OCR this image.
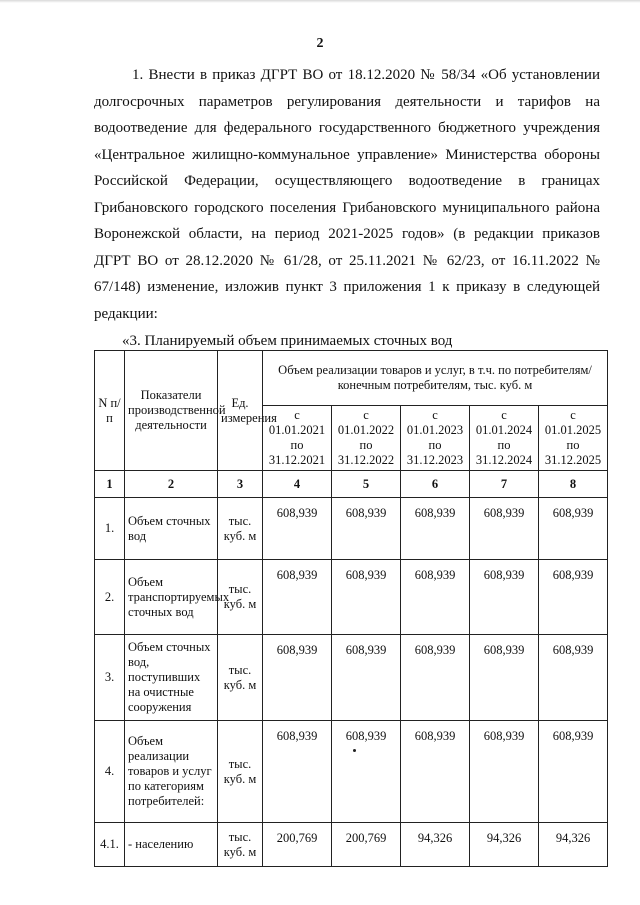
2
1. Внести в приказ ДГРТ ВО от 18.12.2020 № 58/34 «Об установлении
долгосрочных параметров регулирования деятельности и тарифов на
водоотведение для федерального государственного бюджетного учреждения
«Центральное жилищно-коммунальное управление» Министерства обороны
Российской Федерации, осуществляющего водоотведение в границах
Грибановского городского поселения Грибановского муниципального района
Воронежской области, на период 2021-2025 годов» (в редакции приказов
ДГРТ ВО от 28.12.2020 № 61/28, от 25.11.2021 № 62/23, от 16.11.2022 №
67/148) изменение, изложив пункт 3 приложения 1 к приказу в следующей
редакции:
«3. Планируемый объем принимаемых сточных вод
N п/п	Показатели производственной деятельности	Ед. измерения	Объем реализации товаров и услуг, в т.ч. по потребителям/ конечным потребителям, тыс. куб. м				
			с 01.01.2021 по 31.12.2021	с 01.01.2022 по 31.12.2022	с 01.01.2023 по 31.12.2023	с 01.01.2024 по 31.12.2024	с 01.01.2025 по 31.12.2025
1	2	3	4	5	6	7	8
1.	Объем сточных вод	тыс. куб. м	608,939	608,939	608,939	608,939	608,939
2.	Объем транспортируемых сточных вод	тыс. куб. м	608,939	608,939	608,939	608,939	608,939
3.	Объем сточных вод, поступивших на очистные сооружения	тыс. куб. м	608,939	608,939	608,939	608,939	608,939
4.	Объем реализации товаров и услуг по категориям потребителей:	тыс. куб. м	608,939	608,939	608,939	608,939	608,939
4.1.	- населению	тыс. куб. м	200,769	200,769	94,326	94,326	94,326
